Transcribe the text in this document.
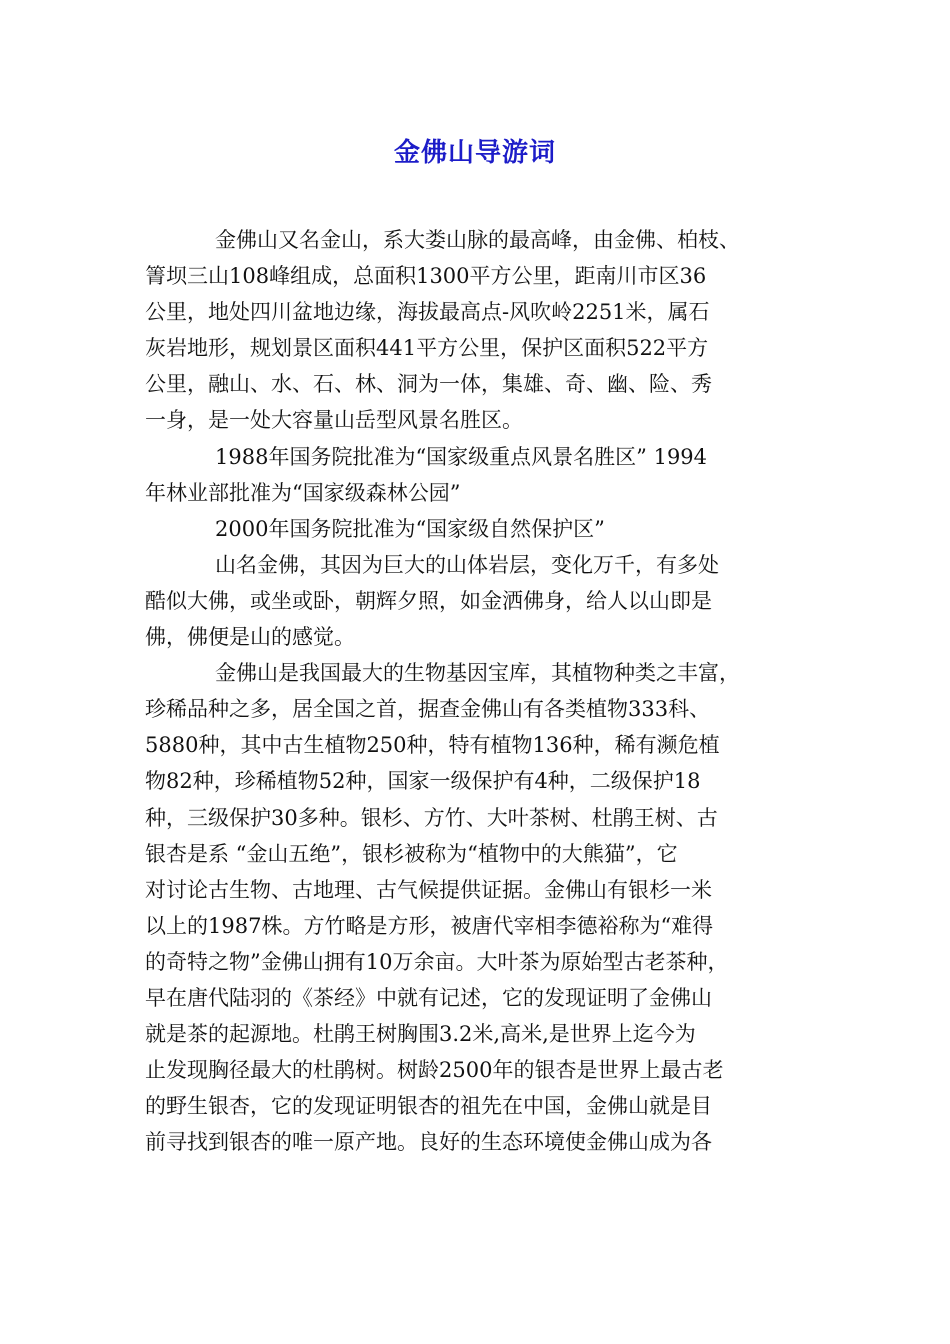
金佛山导游词
金佛山又名金山，系大娄山脉的最高峰，由金佛、柏枝、
箐坝三山108峰组成，总面积1300平方公里，距南川市区36
公里，地处四川盆地边缘，海拔最高点-风吹岭2251米，属石
灰岩地形，规划景区面积441平方公里，保护区面积522平方
公里，融山、水、石、林、洞为一体，集雄、奇、幽、险、秀
一身，是一处大容量山岳型风景名胜区。
1988年国务院批准为“国家级重点风景名胜区” 1994
年林业部批准为“国家级森林公园”
2000年国务院批准为“国家级自然保护区”
山名金佛，其因为巨大的山体岩层，变化万千，有多处
酷似大佛，或坐或卧，朝辉夕照，如金洒佛身，给人以山即是
佛，佛便是山的感觉。
金佛山是我国最大的生物基因宝库，其植物种类之丰富，
珍稀品种之多，居全国之首，据查金佛山有各类植物333科、
5880种，其中古生植物250种，特有植物136种，稀有濒危植
物82种，珍稀植物52种，国家一级保护有4种，二级保护18
种，三级保护30多种。银杉、方竹、大叶茶树、杜鹃王树、古
银杏是系 “金山五绝”，银杉被称为“植物中的大熊猫”，它
对讨论古生物、古地理、古气候提供证据。金佛山有银杉一米
以上的1987株。方竹略是方形，被唐代宰相李德裕称为“难得
的奇特之物”金佛山拥有10万余亩。大叶茶为原始型古老茶种，
早在唐代陆羽的《茶经》中就有记述，它的发现证明了金佛山
就是茶的起源地。杜鹃王树胸围3.2米,高米,是世界上迄今为
止发现胸径最大的杜鹃树。树龄2500年的银杏是世界上最古老
的野生银杏，它的发现证明银杏的祖先在中国，金佛山就是目
前寻找到银杏的唯一原产地。良好的生态环境使金佛山成为各
